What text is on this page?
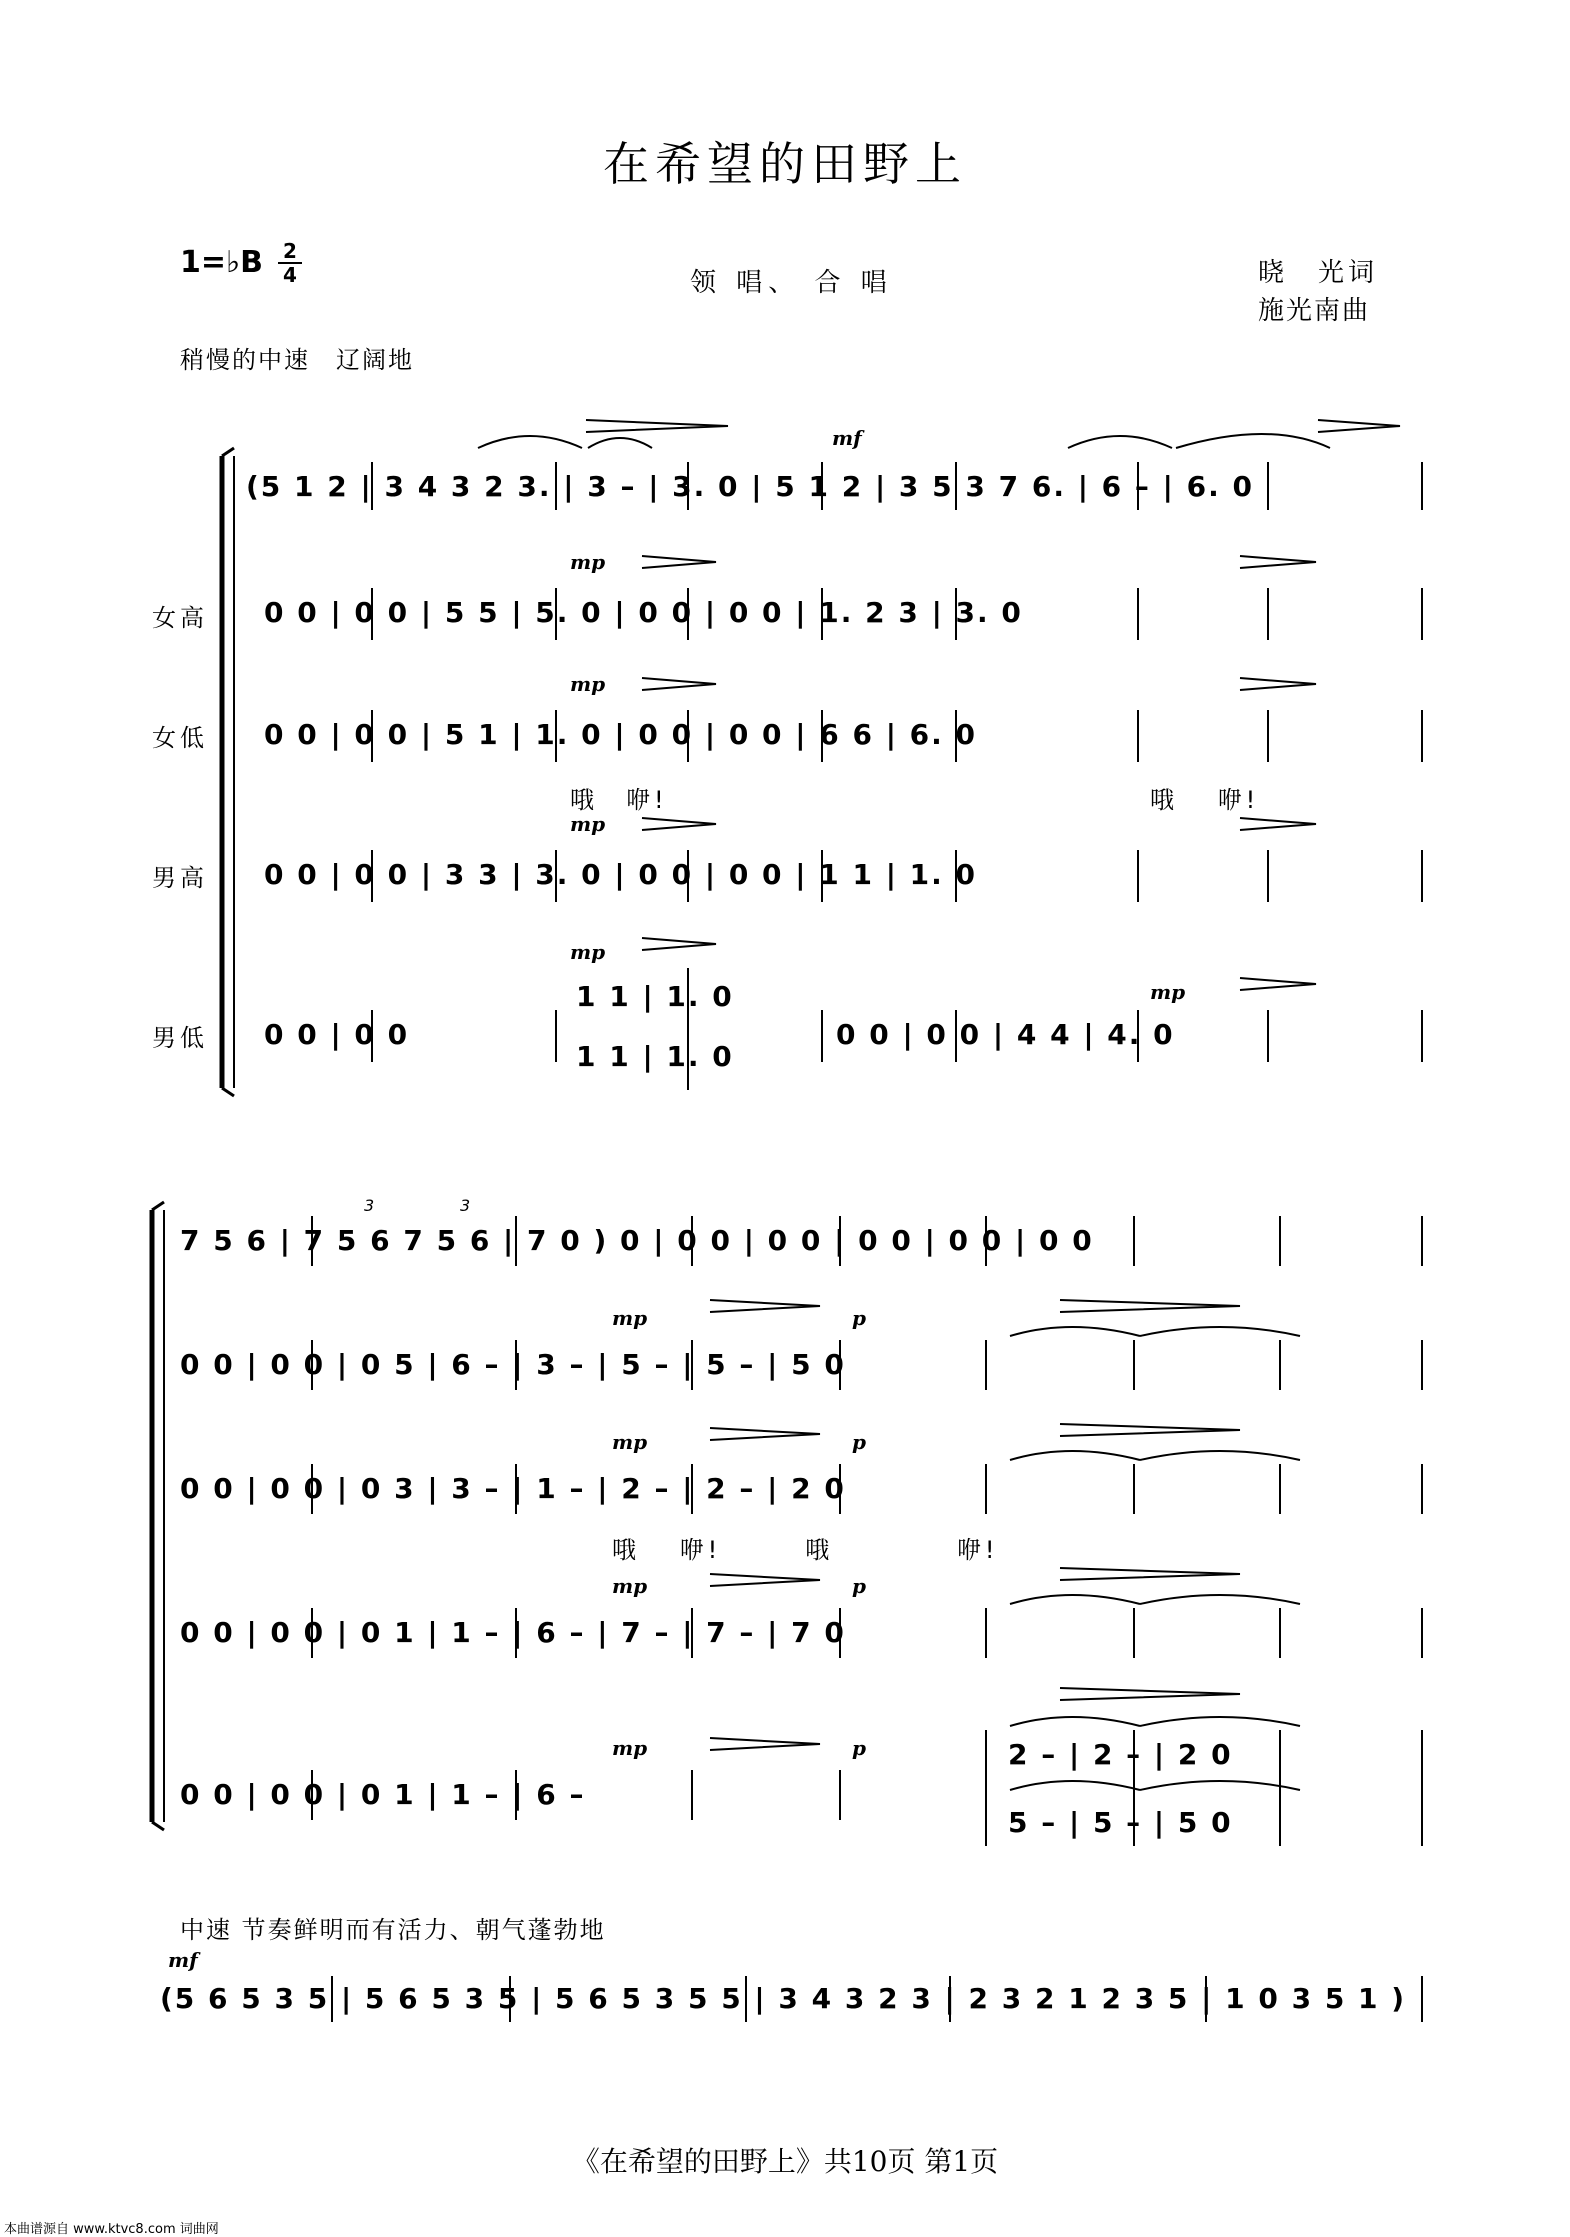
在希望的田野上
1=♭B 2
4	领 唱、 合 唱	晓　光词
施光南曲
稍慢的中速　辽阔地
女高
女低
男高
男低
(5 1 2 | 3 4 3 2 3. | 3 – | 3. 0 | 5 1 2 | 3 5 3 7 6. | 6 – | 6. 0
mf
mp
0 0 | 0 0 | 5 5 | 5. 0 | 0 0 | 0 0 | 1. 2 3 | 3. 0
mp
0 0 | 0 0 | 5 1 | 1. 0 | 0 0 | 0 0 | 6 6 | 6. 0
哦　咿!	哦　 咿!
mp
0 0 | 0 0 | 3 3 | 3. 0 | 0 0 | 0 0 | 1 1 | 1. 0
mp
1 1 | 1. 0
1 1 | 1. 0
0 0 | 0 0
mp
0 0 | 0 0 | 4 4 | 4. 0
7 5 6 | 7 5 6 7 5 6 | 7 0 ) 0 | 0 0 | 0 0 | 0 0 | 0 0 | 0 0
3	3
mp	p
0 0 | 0 0 | 0 5 | 6 – | 3 – | 5 – | 5 – | 5 0
mp	p
0 0 | 0 0 | 0 3 | 3 – | 1 – | 2 – | 2 – | 2 0
哦　 咿!　　　哦　　　　 咿!
mp	p
0 0 | 0 0 | 0 1 | 1 – | 6 – | 7 – | 7 – | 7 0
mp	p
0 0 | 0 0 | 0 1 | 1 – | 6 –
2 – | 2 – | 2 0
5 – | 5 – | 5 0
中速 节奏鲜明而有活力、朝气蓬勃地
mf
(5 6 5 3 5 | 5 6 5 3 5 | 5 6 5 3 5 5 | 3 4 3 2 3 | 2 3 2 1 2 3 5 | 1 0 3 5 1 )
《在希望的田野上》共10页 第1页
本曲谱源自 www.ktvc8.com 词曲网
